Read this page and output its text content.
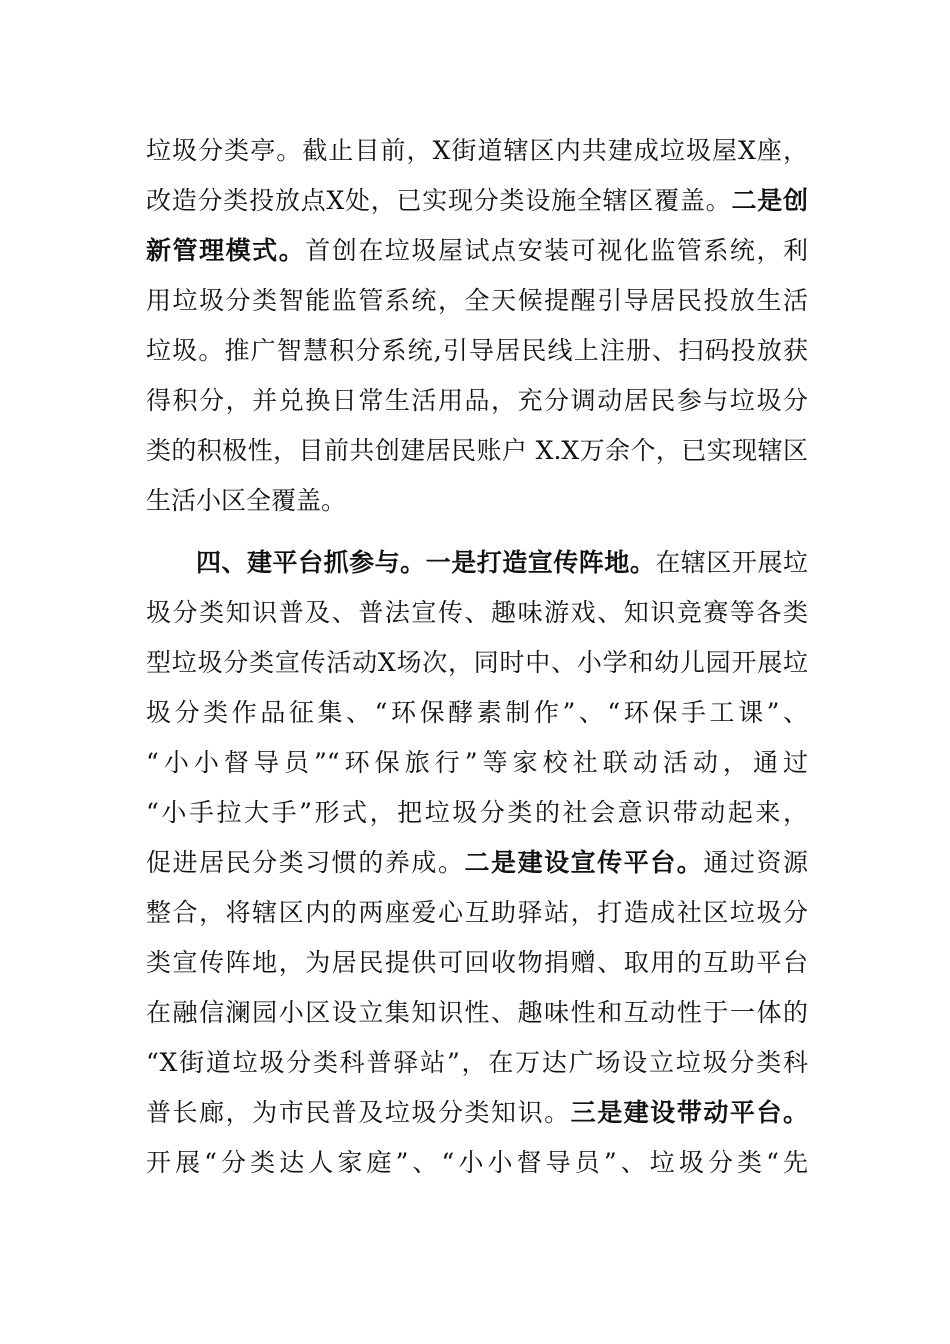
垃圾分类亭。截止目前，X街道辖区内共建成垃圾屋X座，
改造分类投放点X处，已实现分类设施全辖区覆盖。二是创
新管理模式。首创在垃圾屋试点安装可视化监管系统，利
用垃圾分类智能监管系统，全天候提醒引导居民投放生活
垃圾。推广智慧积分系统,引导居民线上注册、扫码投放获
得积分，并兑换日常生活用品，充分调动居民参与垃圾分
类的积极性，目前共创建居民账户 X.X万余个，已实现辖区
生活小区全覆盖。
四、建平台抓参与。一是打造宣传阵地。在辖区开展垃
圾分类知识普及、普法宣传、趣味游戏、知识竞赛等各类
型垃圾分类宣传活动X场次，同时中、小学和幼儿园开展垃
圾分类作品征集、“环保酵素制作”、“环保手工课”、
“小小督导员”“环保旅行”等家校社联动活动，通过
“小手拉大手”形式，把垃圾分类的社会意识带动起来，
促进居民分类习惯的养成。二是建设宣传平台。通过资源
整合，将辖区内的两座爱心互助驿站，打造成社区垃圾分
类宣传阵地，为居民提供可回收物捐赠、取用的互助平台
在融信澜园小区设立集知识性、趣味性和互动性于一体的
“X街道垃圾分类科普驿站”，在万达广场设立垃圾分类科
普长廊，为市民普及垃圾分类知识。三是建设带动平台。
开展“分类达人家庭”、“小小督导员”、垃圾分类“先
